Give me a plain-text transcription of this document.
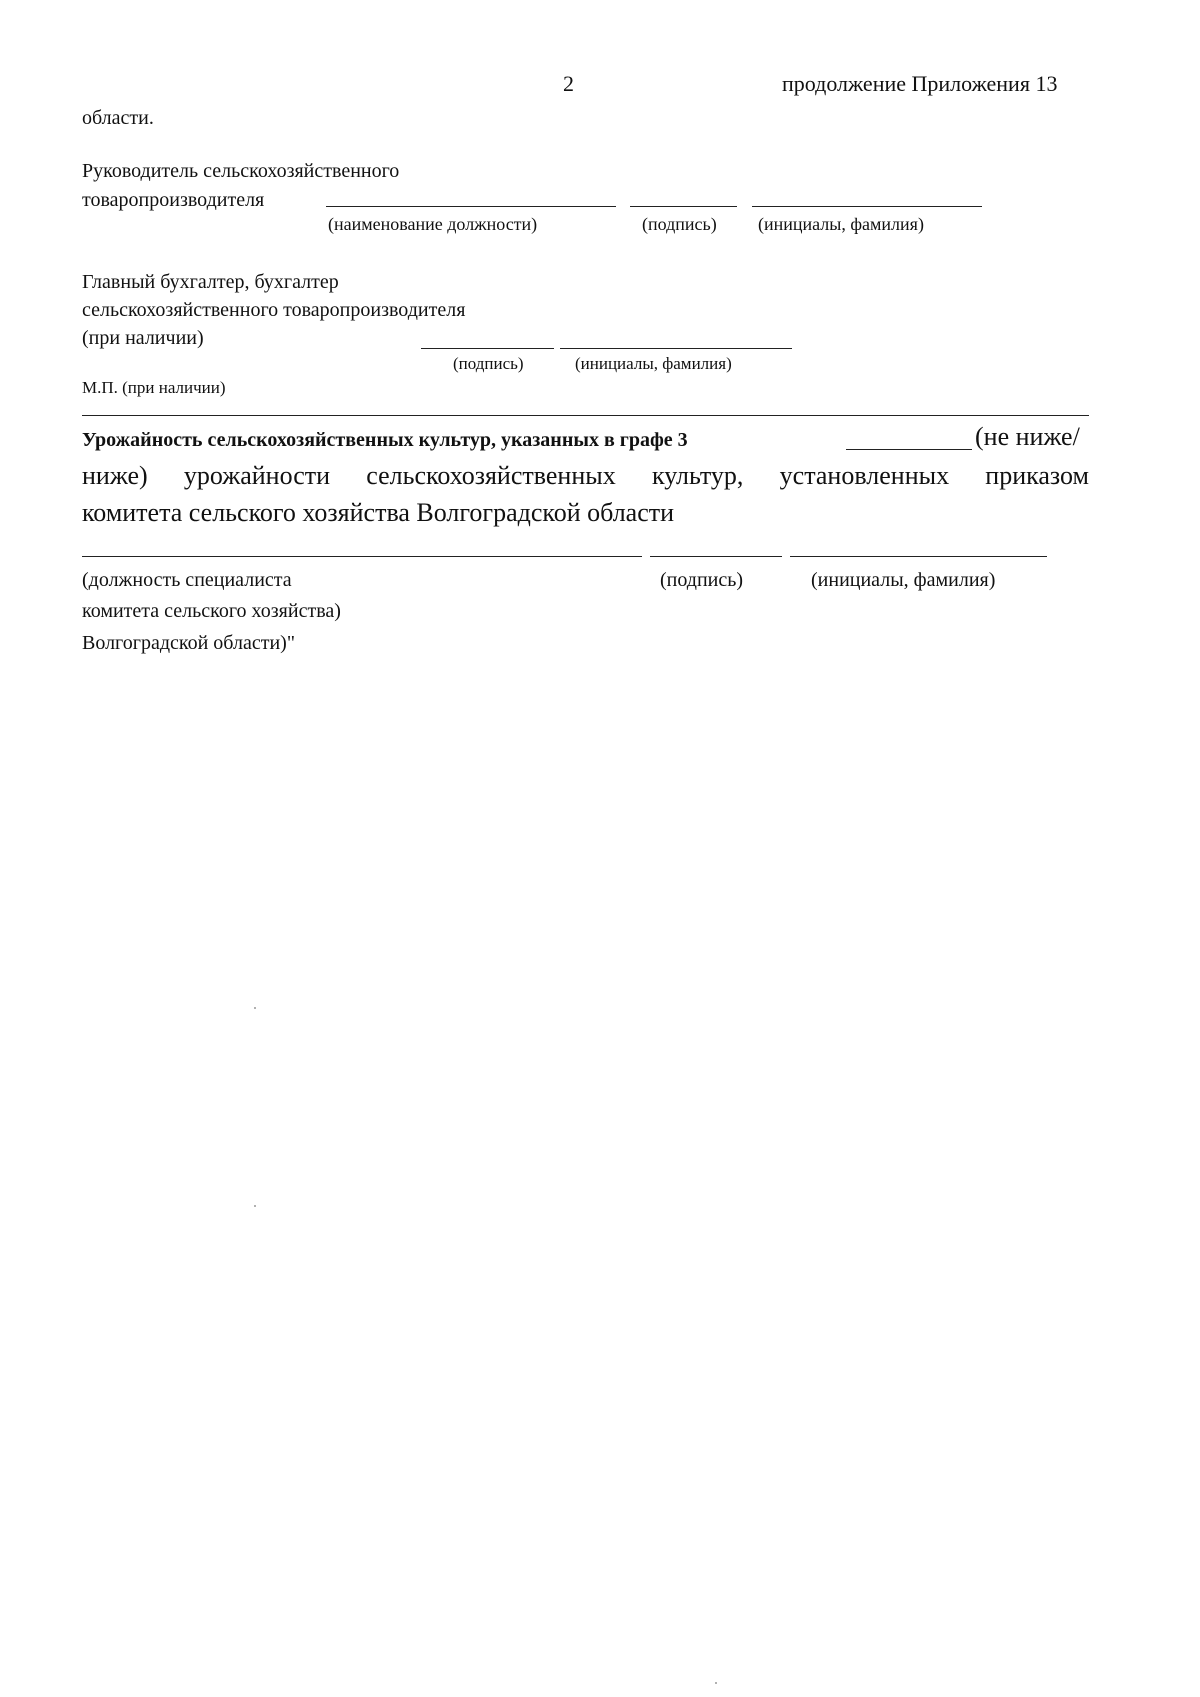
2	продолжение Приложения 13
области.
Руководитель сельскохозяйственного
товаропроизводителя
(наименование должности)	(подпись) (инициалы, фамилия)
Главный бухгалтер, бухгалтер
сельскохозяйственного товаропроизводителя
(при наличии)
(подпись)	(инициалы, фамилия)
М.П. (при наличии)
Урожайность сельскохозяйственных культур, указанных в графе 3	(не ниже/
ниже) урожайности сельскохозяйственных культур, установленных приказом
комитета сельского хозяйства Волгоградской области
(должность специалиста
комитета сельского хозяйства)
Волгоградской области)"
(подпись)	(инициалы, фамилия)
